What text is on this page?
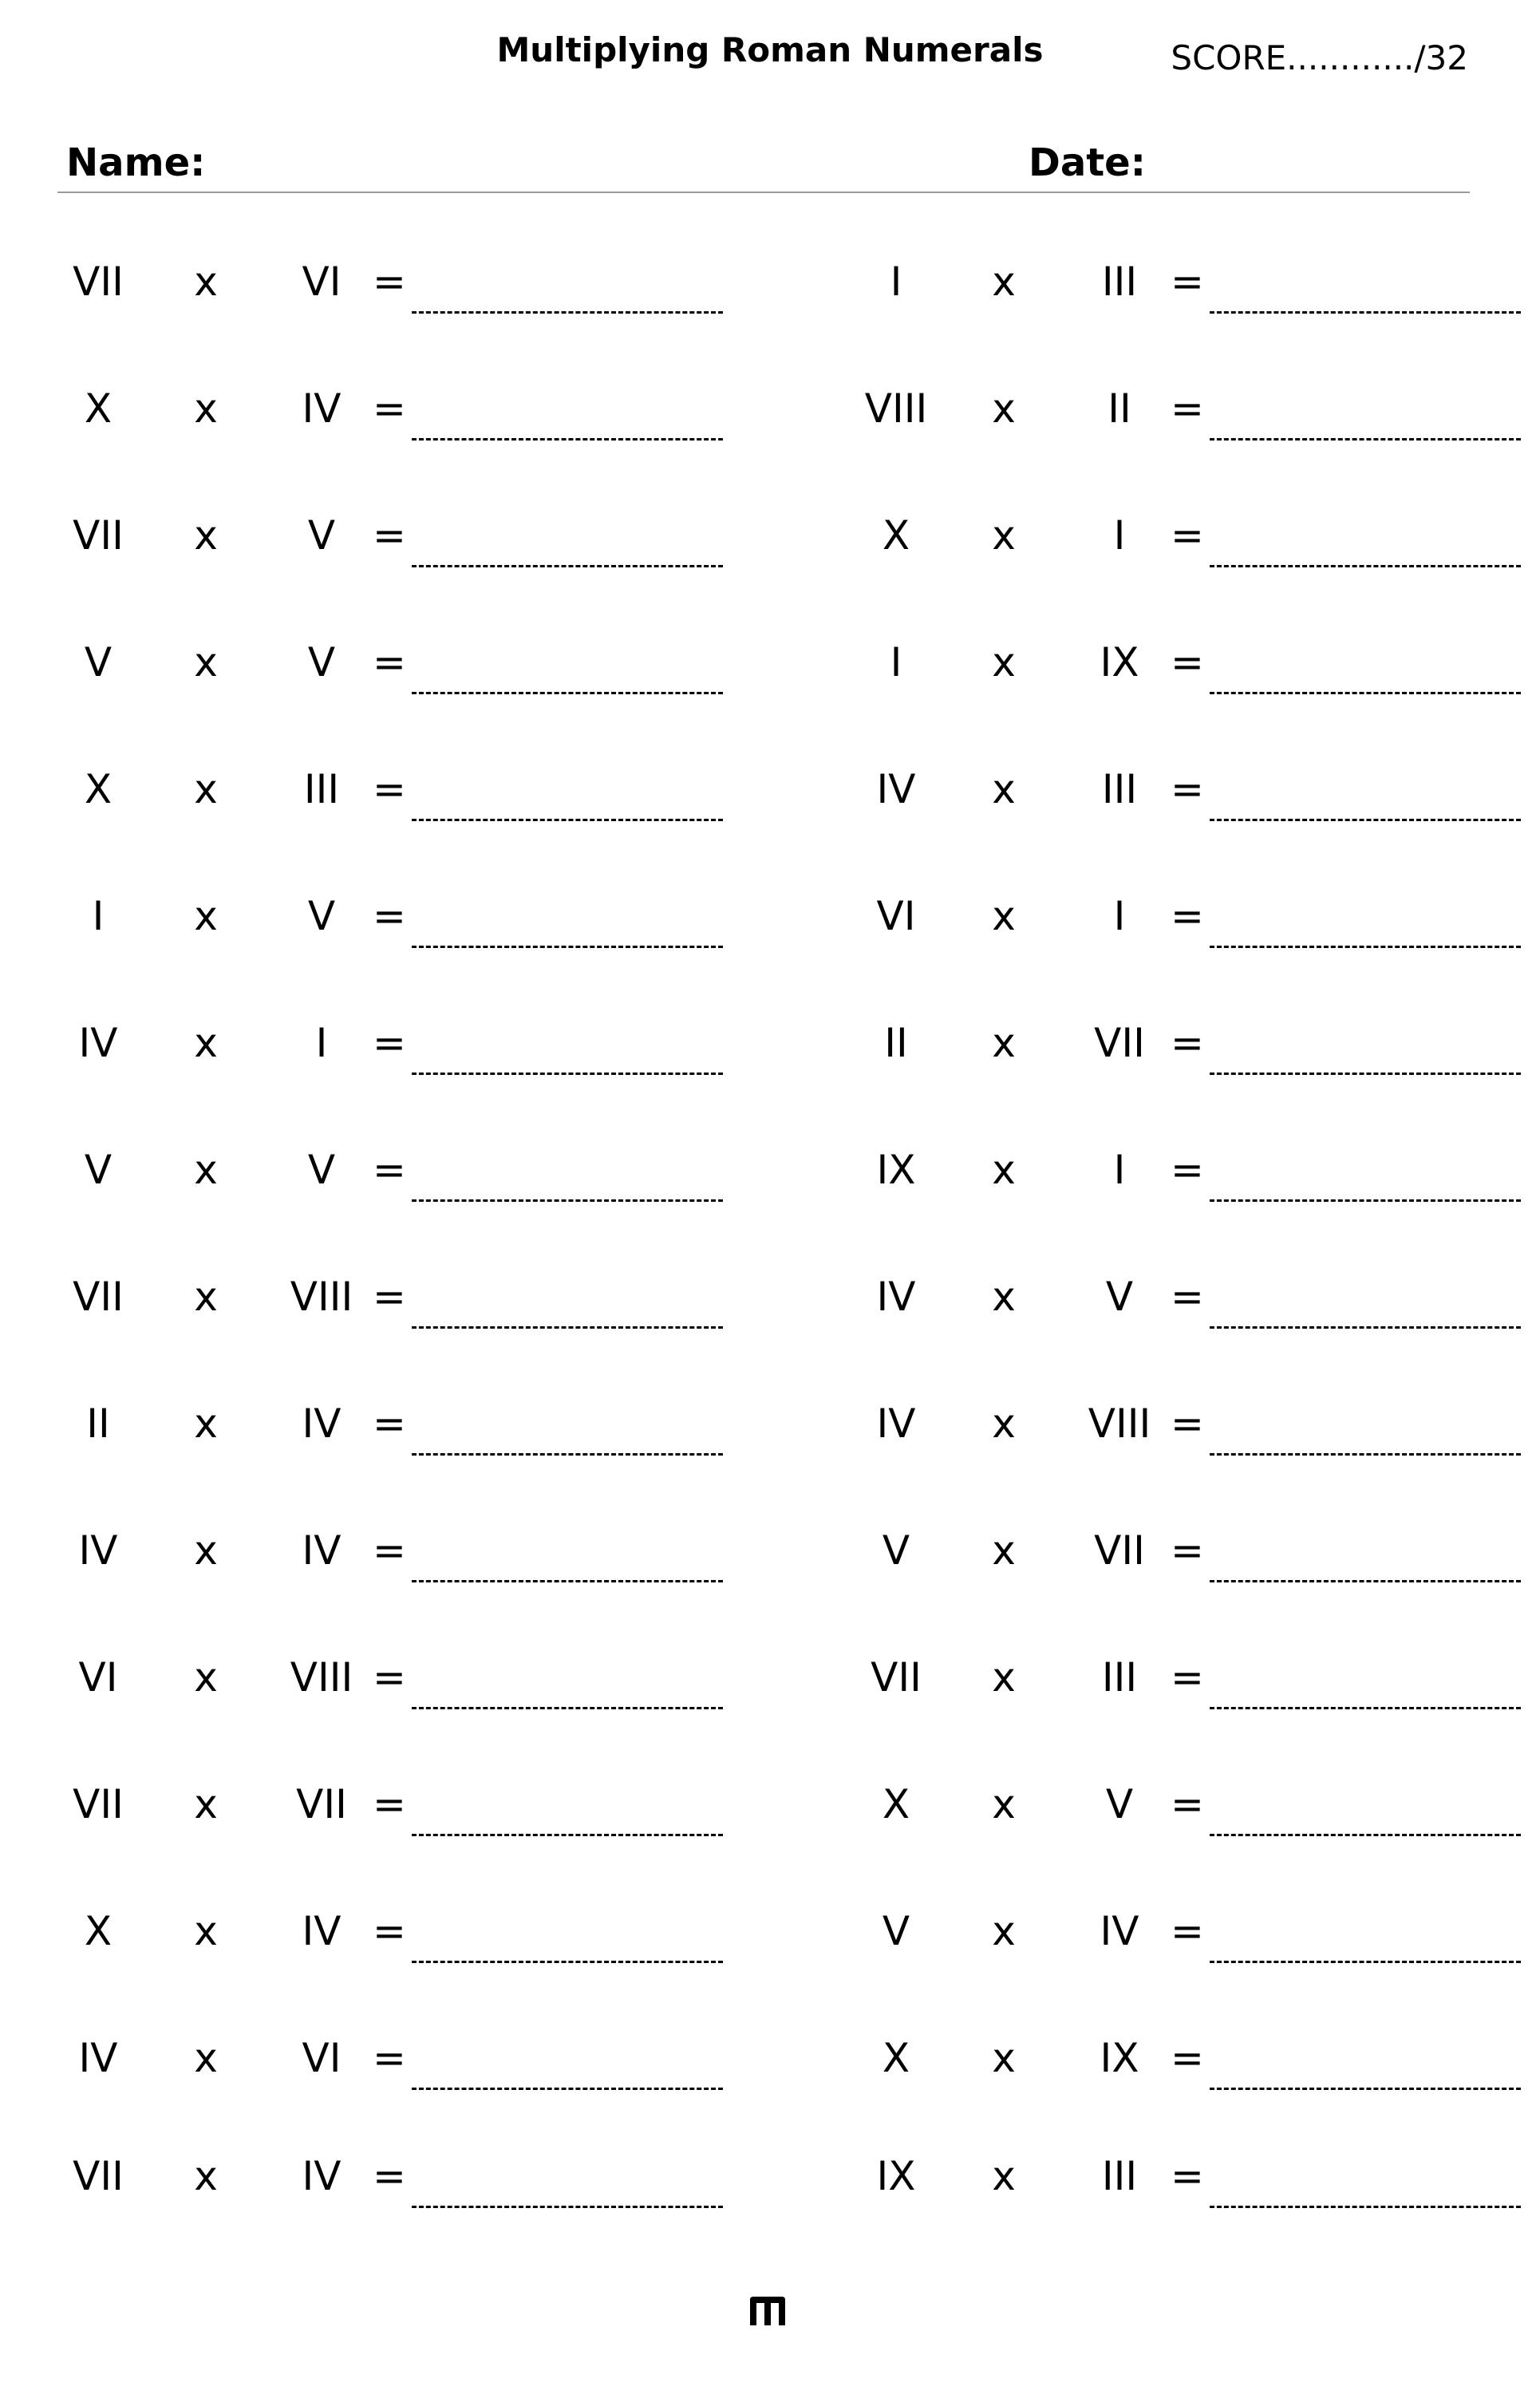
Multiplying Roman Numerals	SCORE............/32
Name:	Date:
VII	x	VI =	I	x	III =
X	x	IV =	VIII x	II =
VII	x	V =	X	x	I	=
V	x	V =	I	x	IX =
X	x	III =	IV	x	III =
I	x	V =	VI	x	I	=
IV	x	I	=	II	x	VII =
V	x	V =	IX	x	I	=
VII	x	VIII =	IV	x	V =
II	x	IV =	IV	x	VIII =
IV	x	IV =	V	x	VII =
VI	x	VIII =	VII	x	III =
VII	x	VII =	X	x	V =
X	x	IV =	V	x	IV =
IV	x	VI =	X	x	IX =
VII	x	IV =	IX	x	III =
